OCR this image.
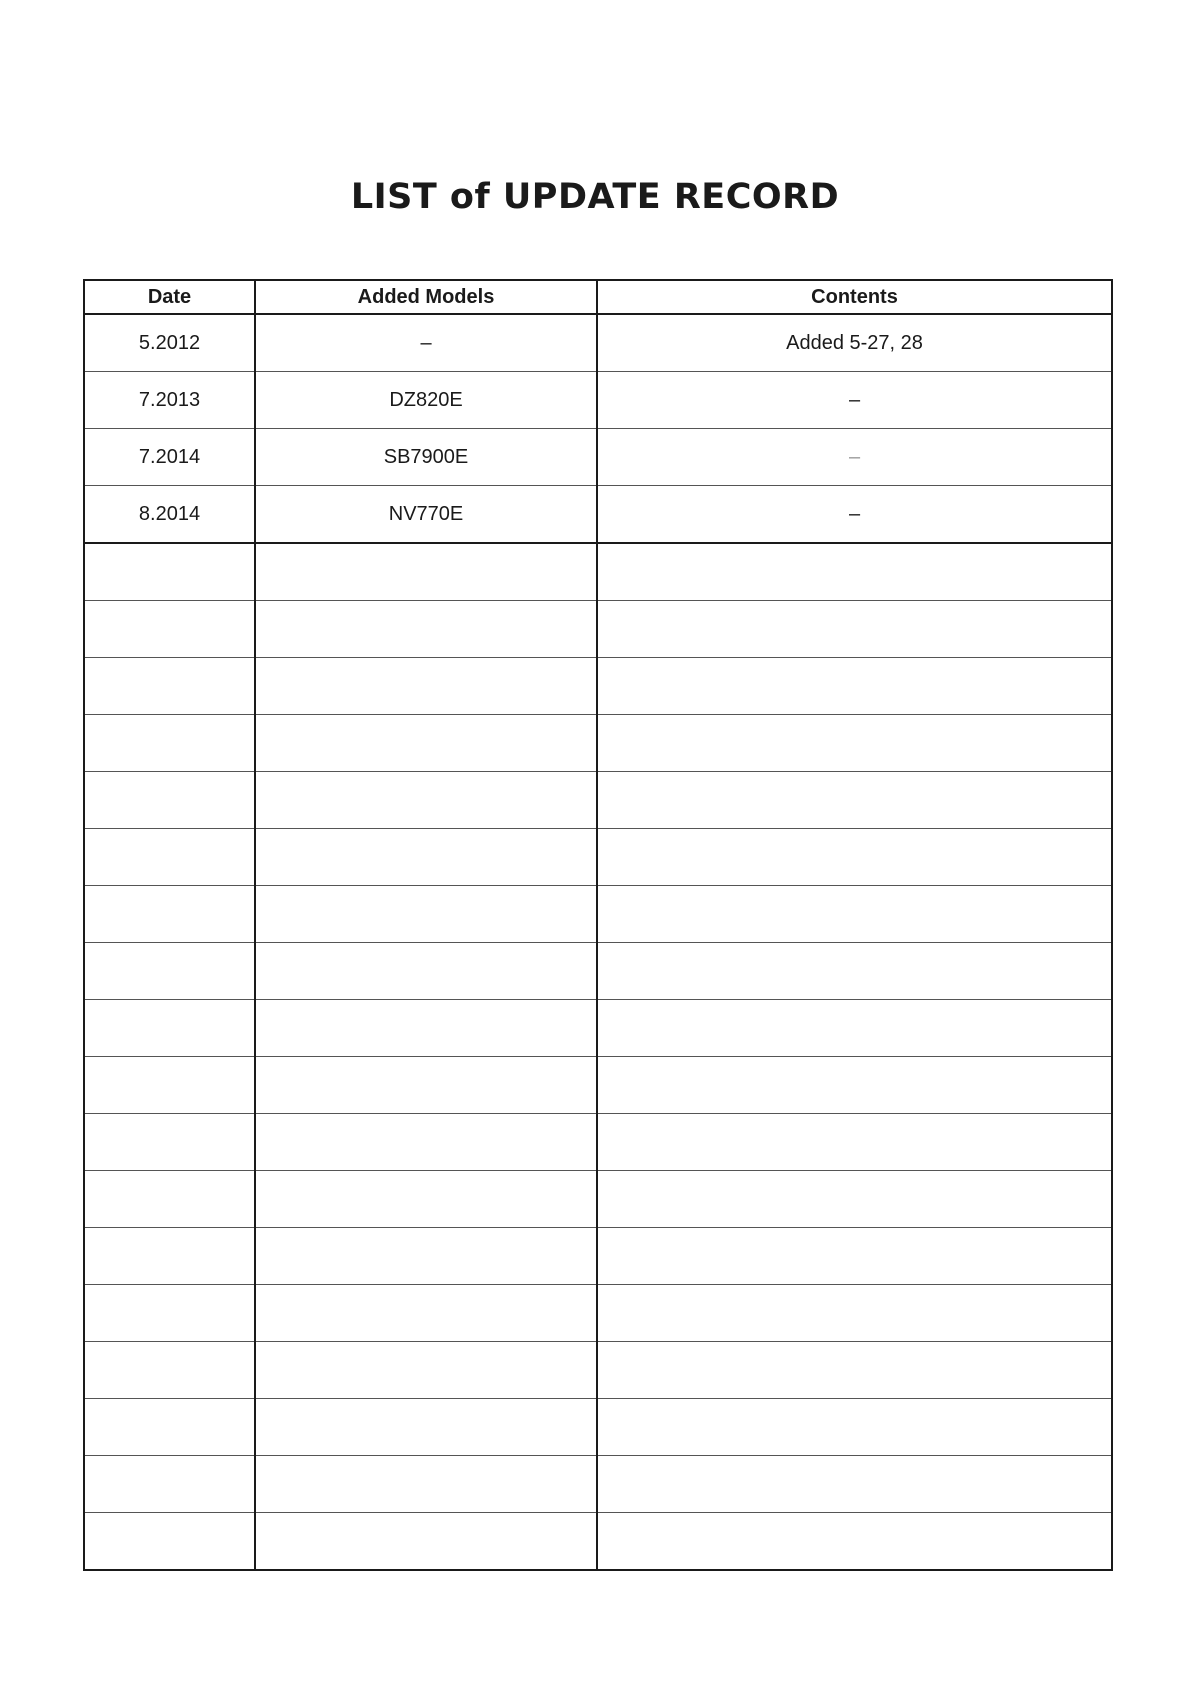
LIST of UPDATE RECORD
Date	Added Models	Contents
5.2012	–	Added 5-27, 28
7.2013	DZ820E	–
7.2014	SB7900E	–
8.2014	NV770E	–
